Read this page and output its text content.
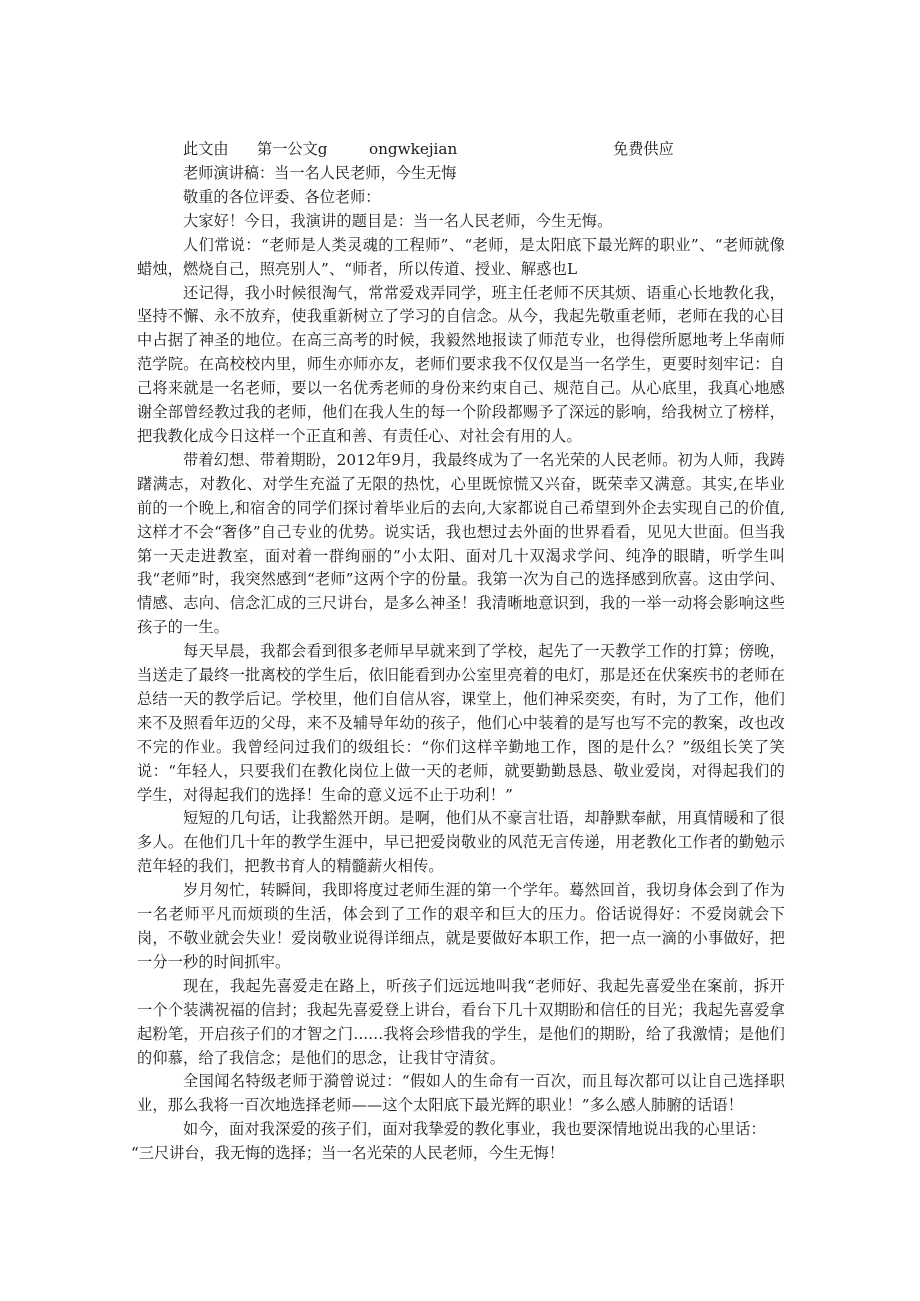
此文由 第一公文g	ongwkejian	免费供应

老师演讲稿：当一名人民老师，今生无悔

敬重的各位评委、各位老师：

大家好！今日，我演讲的题目是：当一名人民老师，今生无悔。

人们常说：“老师是人类灵魂的工程师”、“老师，是太阳底下最光辉的职业”、“老师就像蜡烛，燃烧自己，照亮别人”、“师者，所以传道、授业、解惑也L

还记得，我小时候很淘气，常常爱戏弄同学，班主任老师不厌其烦、语重心长地教化我，坚持不懈、永不放弃，使我重新树立了学习的自信念。从今，我起先敬重老师，老师在我的心目中占据了神圣的地位。在高三高考的时候，我毅然地报读了师范专业，也得偿所愿地考上华南师范学院。在高校校内里，师生亦师亦友，老师们要求我不仅仅是当一名学生，更要时刻牢记：自己将来就是一名老师，要以一名优秀老师的身份来约束自己、规范自己。从心底里，我真心地感谢全部曾经教过我的老师，他们在我人生的每一个阶段都赐予了深远的影响，给我树立了榜样，把我教化成今日这样一个正直和善、有责任心、对社会有用的人。

带着幻想、带着期盼，2012年9月，我最终成为了一名光荣的人民老师。初为人师，我踌躇满志，对教化、对学生充溢了无限的热忱，心里既惊慌又兴奋，既荣幸又满意。其实,在毕业前的一个晚上,和宿舍的同学们探讨着毕业后的去向,大家都说自己希望到外企去实现自己的价值,这样才不会“奢侈”自己专业的优势。说实话，我也想过去外面的世界看看，见见大世面。但当我第一天走进教室，面对着一群绚丽的”小太阳、面对几十双渴求学问、纯净的眼睛，听学生叫我“老师”时，我突然感到“老师”这两个字的份量。我第一次为自己的选择感到欣喜。这由学问、情感、志向、信念汇成的三尺讲台，是多么神圣！我清晰地意识到，我的一举一动将会影响这些孩子的一生。

每天早晨，我都会看到很多老师早早就来到了学校，起先了一天教学工作的打算；傍晚，当送走了最终一批离校的学生后，依旧能看到办公室里亮着的电灯，那是还在伏案疾书的老师在总结一天的教学后记。学校里，他们自信从容，课堂上，他们神采奕奕，有时，为了工作，他们来不及照看年迈的父母，来不及辅导年幼的孩子，他们心中装着的是写也写不完的教案，改也改不完的作业。我曾经问过我们的级组长：“你们这样辛勤地工作，图的是什么？”级组长笑了笑说：“年轻人，只要我们在教化岗位上做一天的老师，就要勤勤恳恳、敬业爱岗，对得起我们的学生，对得起我们的选择！生命的意义远不止于功利！”

短短的几句话，让我豁然开朗。是啊，他们从不豪言壮语，却静默奉献，用真情暖和了很多人。在他们几十年的教学生涯中，早已把爱岗敬业的风范无言传递，用老教化工作者的勤勉示范年轻的我们，把教书育人的精髓薪火相传。

岁月匆忙，转瞬间，我即将度过老师生涯的第一个学年。蓦然回首，我切身体会到了作为一名老师平凡而烦琐的生活，体会到了工作的艰辛和巨大的压力。俗话说得好：不爱岗就会下岗，不敬业就会失业！爱岗敬业说得详细点，就是要做好本职工作，把一点一滴的小事做好，把一分一秒的时间抓牢。

现在，我起先喜爱走在路上，听孩子们远远地叫我“老师好、我起先喜爱坐在案前，拆开一个个装满祝福的信封；我起先喜爱登上讲台，看台下几十双期盼和信任的目光；我起先喜爱拿起粉笔，开启孩子们的才智之门......我将会珍惜我的学生，是他们的期盼，给了我激情；是他们的仰慕，给了我信念；是他们的思念，让我甘守清贫。

全国闻名特级老师于漪曾说过：“假如人的生命有一百次，而且每次都可以让自己选择职业，那么我将一百次地选择老师——这个太阳底下最光辉的职业！”多么感人肺腑的话语！

如今，面对我深爱的孩子们，面对我挚爱的教化事业，我也要深情地说出我的心里话：

“三尺讲台，我无悔的选择；当一名光荣的人民老师，今生无悔！
